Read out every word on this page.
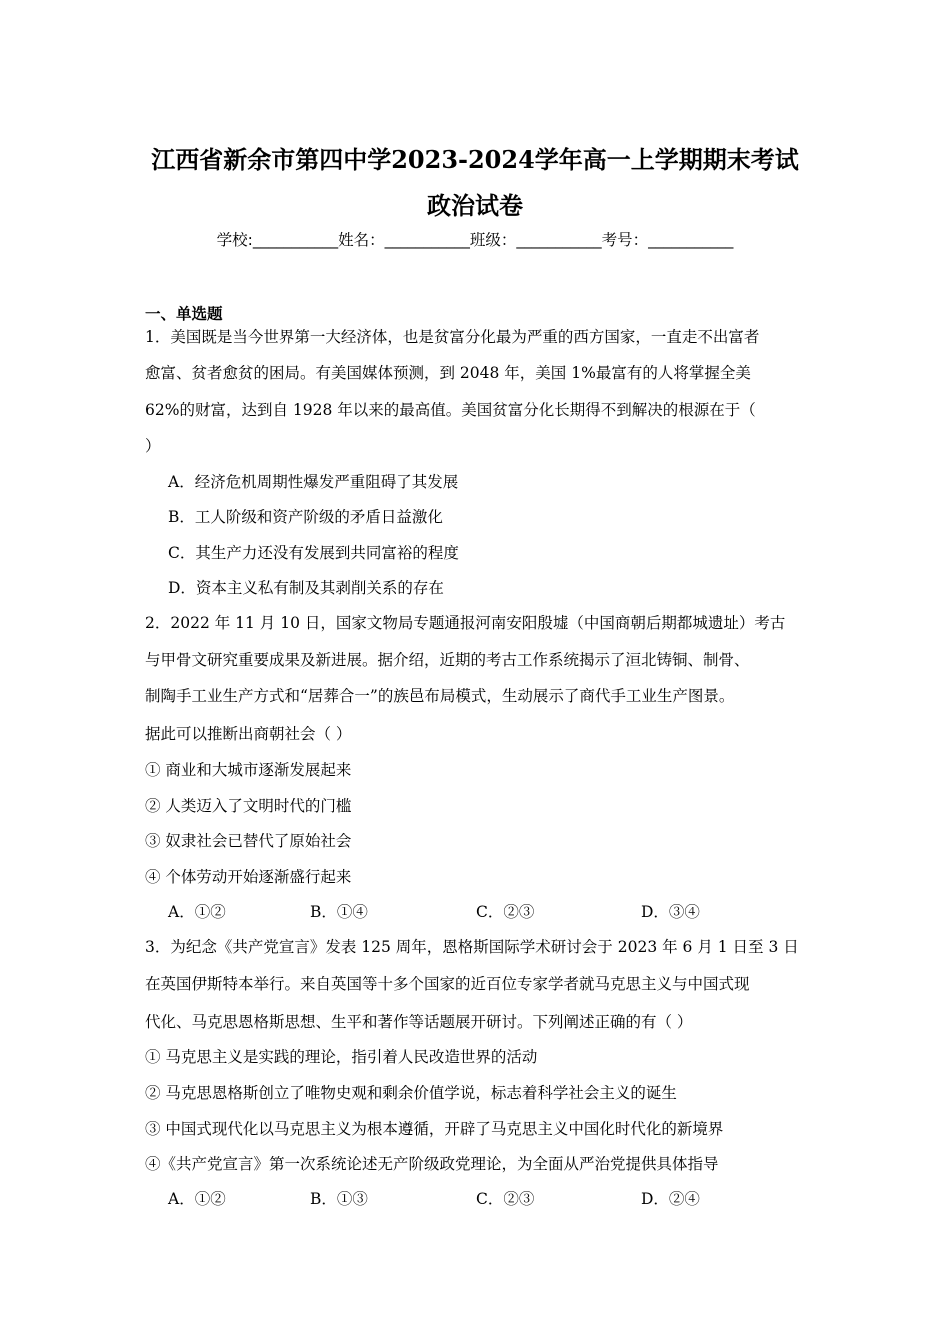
江西省新余市第四中学2023-2024学年高一上学期期末考试
政治试卷
学校:___________姓名：___________班级：___________考号：___________
一、单选题
1．美国既是当今世界第一大经济体，也是贫富分化最为严重的西方国家，一直走不出富者
愈富、贫者愈贫的困局。有美国媒体预测，到 2048 年，美国 1%最富有的人将掌握全美
62%的财富，达到自 1928 年以来的最高值。美国贫富分化长期得不到解决的根源在于（
）
A．经济危机周期性爆发严重阻碍了其发展
B．工人阶级和资产阶级的矛盾日益激化
C．其生产力还没有发展到共同富裕的程度
D．资本主义私有制及其剥削关系的存在
2．2022 年 11 月 10 日，国家文物局专题通报河南安阳殷墟（中国商朝后期都城遗址）考古
与甲骨文研究重要成果及新进展。据介绍，近期的考古工作系统揭示了洹北铸铜、制骨、
制陶手工业生产方式和“居葬合一”的族邑布局模式，生动展示了商代手工业生产图景。
据此可以推断出商朝社会（ ）
① 商业和大城市逐渐发展起来
② 人类迈入了文明时代的门槛
③ 奴隶社会已替代了原始社会
④ 个体劳动开始逐渐盛行起来
A．①②	B．①④	C．②③	D．③④
3．为纪念《共产党宣言》发表 125 周年，恩格斯国际学术研讨会于 2023 年 6 月 1 日至 3 日
在英国伊斯特本举行。来自英国等十多个国家的近百位专家学者就马克思主义与中国式现
代化、马克思恩格斯思想、生平和著作等话题展开研讨。下列阐述正确的有（ ）
① 马克思主义是实践的理论，指引着人民改造世界的活动
② 马克思恩格斯创立了唯物史观和剩余价值学说，标志着科学社会主义的诞生
③ 中国式现代化以马克思主义为根本遵循，开辟了马克思主义中国化时代化的新境界
④《共产党宣言》第一次系统论述无产阶级政党理论，为全面从严治党提供具体指导
A．①②	B．①③	C．②③	D．②④
